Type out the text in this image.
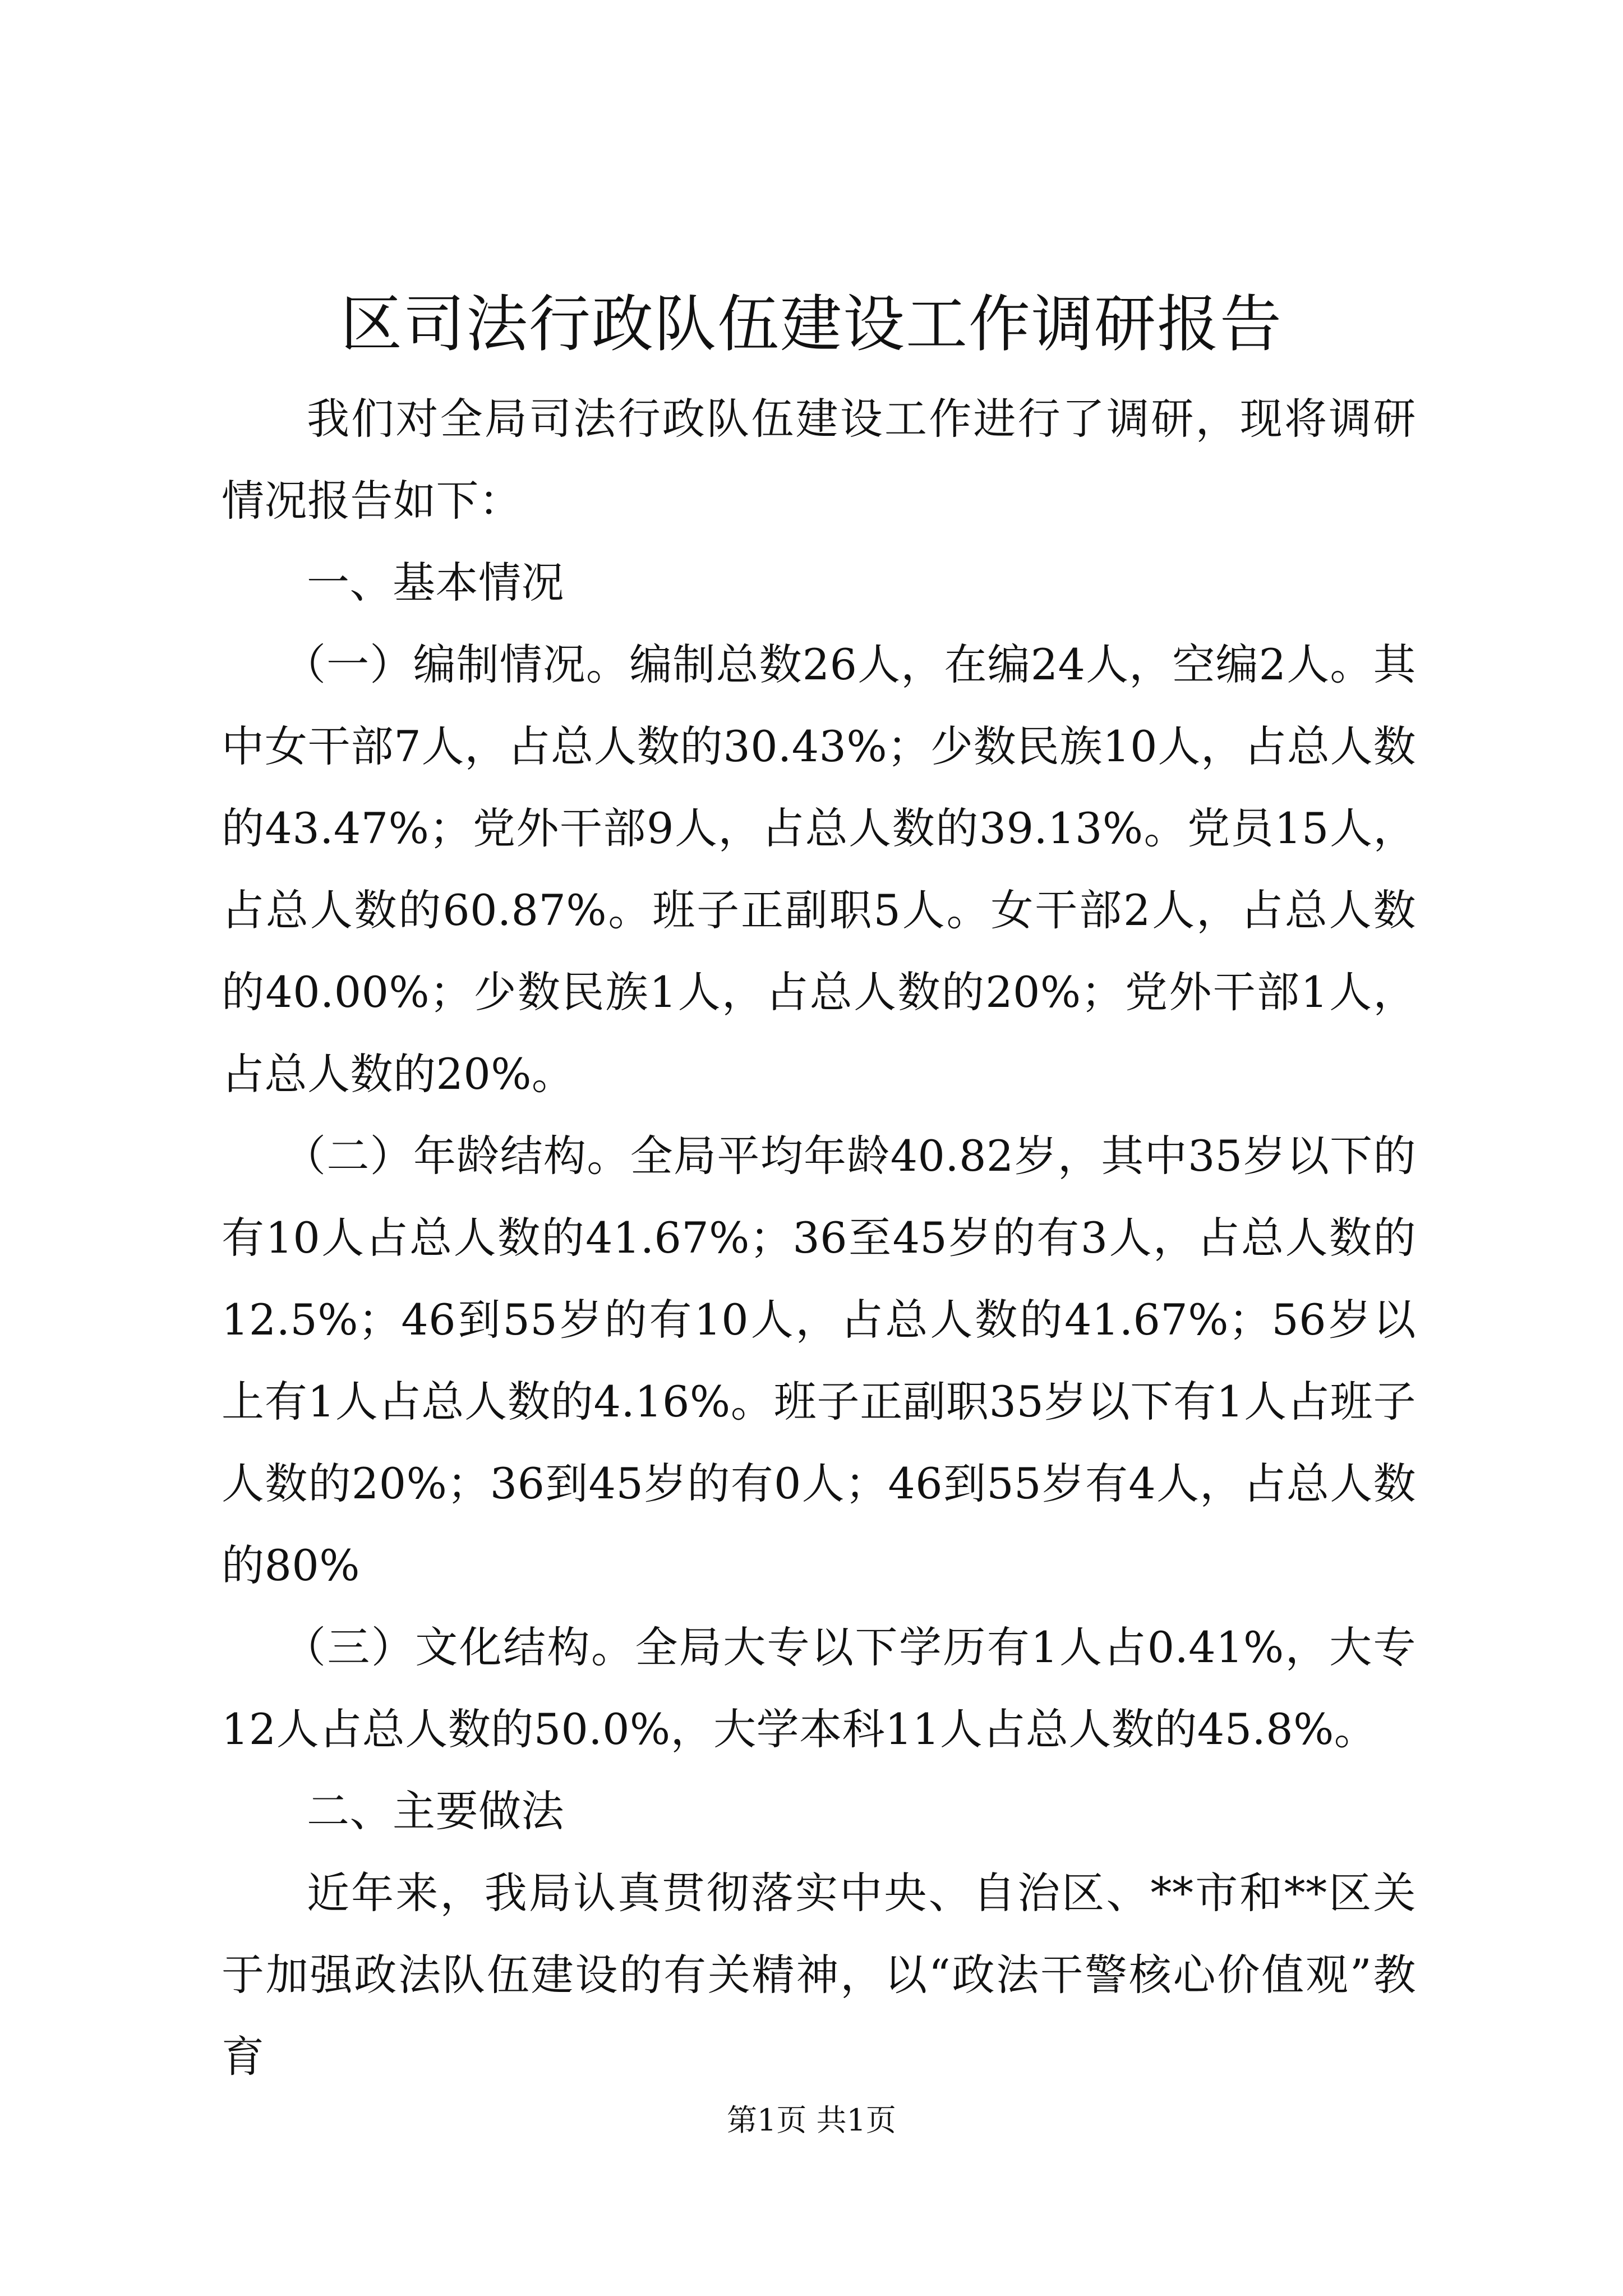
区司法行政队伍建设工作调研报告

我们对全局司法行政队伍建设工作进行了调研，现将调研情况报告如下：

一、基本情况

（一）编制情况。编制总数26人，在编24人，空编2人。其中女干部7人，占总人数的30.43%；少数民族10人，占总人数的43.47%；党外干部9人，占总人数的39.13%。党员15人，占总人数的60.87%。班子正副职5人。女干部2人，占总人数的40.00%；少数民族1人，占总人数的20%；党外干部1人，占总人数的20%。

（二）年龄结构。全局平均年龄40.82岁，其中35岁以下的有10人占总人数的41.67%；36至45岁的有3人，占总人数的12.5%；46到55岁的有10人，占总人数的41.67%；56岁以上有1人占总人数的4.16%。班子正副职35岁以下有1人占班子人数的20%；36到45岁的有0人；46到55岁有4人，占总人数的80%

（三）文化结构。全局大专以下学历有1人占0.41%，大专12人占总人数的50.0%，大学本科11人占总人数的45.8%。

二、主要做法

近年来，我局认真贯彻落实中央、自治区、**市和**区关于加强政法队伍建设的有关精神，以“政法干警核心价值观”教育

第1页 共1页
